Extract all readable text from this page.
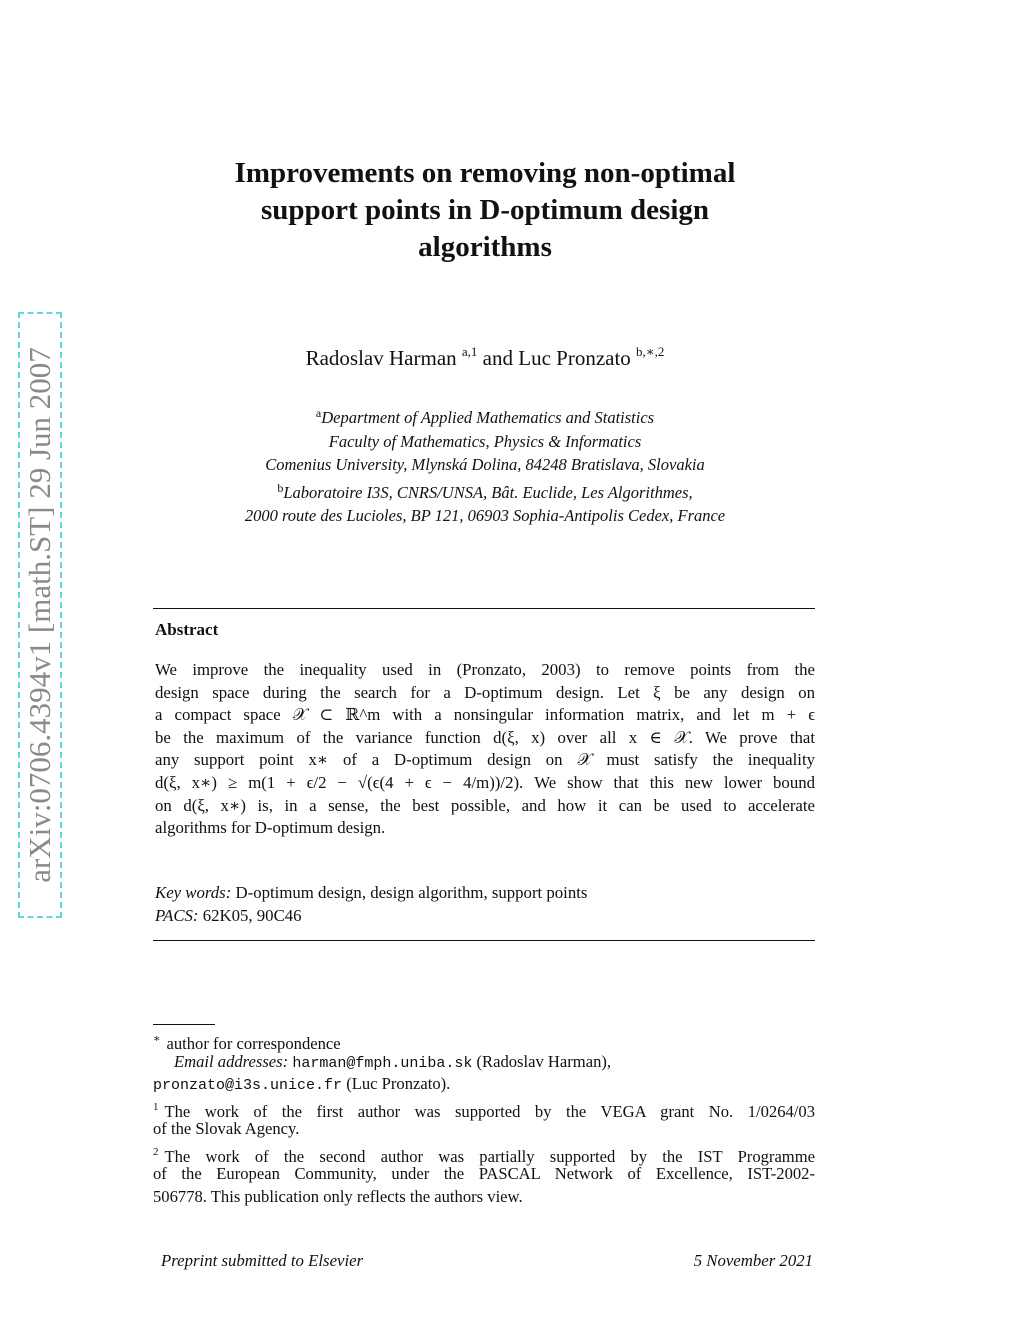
arXiv:0706.4394v1 [math.ST] 29 Jun 2007
Improvements on removing non-optimal
support points in D-optimum design
algorithms
Radoslav Harman $^{a,1}$ and Luc Pronzato $^{b,∗,2}$
$^a$Department of Applied Mathematics and Statistics
Faculty of Mathematics, Physics & Informatics
Comenius University, Mlynská Dolina, 84248 Bratislava, Slovakia
$^b$Laboratoire I3S, CNRS/UNSA, Bât. Euclide, Les Algorithmes,
2000 route des Lucioles, BP 121, 06903 Sophia-Antipolis Cedex, France
Abstract
We improve the inequality used in (Pronzato, 2003) to remove points from the
design space during the search for a D-optimum design. Let ξ be any design on
a compact space 𝒳 ⊂ ℝ^m with a nonsingular information matrix, and let m + ϵ
be the maximum of the variance function d(ξ, x) over all x ∈ 𝒳. We prove that
any support point x∗ of a D-optimum design on 𝒳 must satisfy the inequality
d(ξ, x∗) ≥ m(1 + ϵ/2 − √(ϵ(4 + ϵ − 4/m))/2). We show that this new lower bound
on d(ξ, x∗) is, in a sense, the best possible, and how it can be used to accelerate
algorithms for D-optimum design.
Key words: D-optimum design, design algorithm, support points
PACS: 62K05, 90C46
∗ author for correspondence
Email addresses: harman@fmph.uniba.sk (Radoslav Harman),
pronzato@i3s.unice.fr (Luc Pronzato).
$^1$ The work of the first author was supported by the VEGA grant No. 1/0264/03
of the Slovak Agency.
$^2$ The work of the second author was partially supported by the IST Programme
of the European Community, under the PASCAL Network of Excellence, IST-2002-
506778. This publication only reflects the authors view.
Preprint submitted to Elsevier	5 November 2021
